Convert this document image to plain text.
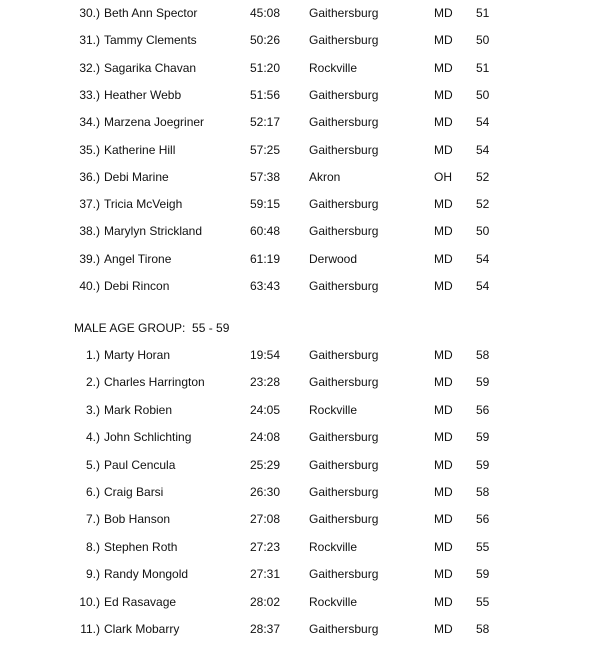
30.) Beth Ann Spector	45:08 Gaithersburg	MD 51
31.) Tammy Clements	50:26 Gaithersburg	MD 50
32.) Sagarika Chavan	51:20 Rockville	MD 51
33.) Heather Webb	51:56 Gaithersburg	MD 50
34.) Marzena Joegriner	52:17 Gaithersburg	MD 54
35.) Katherine Hill	57:25 Gaithersburg	MD 54
36.) Debi Marine	57:38 Akron	OH 52
37.) Tricia McVeigh	59:15 Gaithersburg	MD 52
38.) Marylyn Strickland	60:48 Gaithersburg	MD 50
39.) Angel Tirone	61:19 Derwood	MD 54
40.) Debi Rincon	63:43 Gaithersburg	MD 54
MALE AGE GROUP:  55 - 59
1.) Marty Horan	19:54 Gaithersburg	MD 58
2.) Charles Harrington	23:28 Gaithersburg	MD 59
3.) Mark Robien	24:05 Rockville	MD 56
4.) John Schlichting	24:08 Gaithersburg	MD 59
5.) Paul Cencula	25:29 Gaithersburg	MD 59
6.) Craig Barsi	26:30 Gaithersburg	MD 58
7.) Bob Hanson	27:08 Gaithersburg	MD 56
8.) Stephen Roth	27:23 Rockville	MD 55
9.) Randy Mongold	27:31 Gaithersburg	MD 59
10.) Ed Rasavage	28:02 Rockville	MD 55
11.) Clark Mobarry	28:37 Gaithersburg	MD 58
